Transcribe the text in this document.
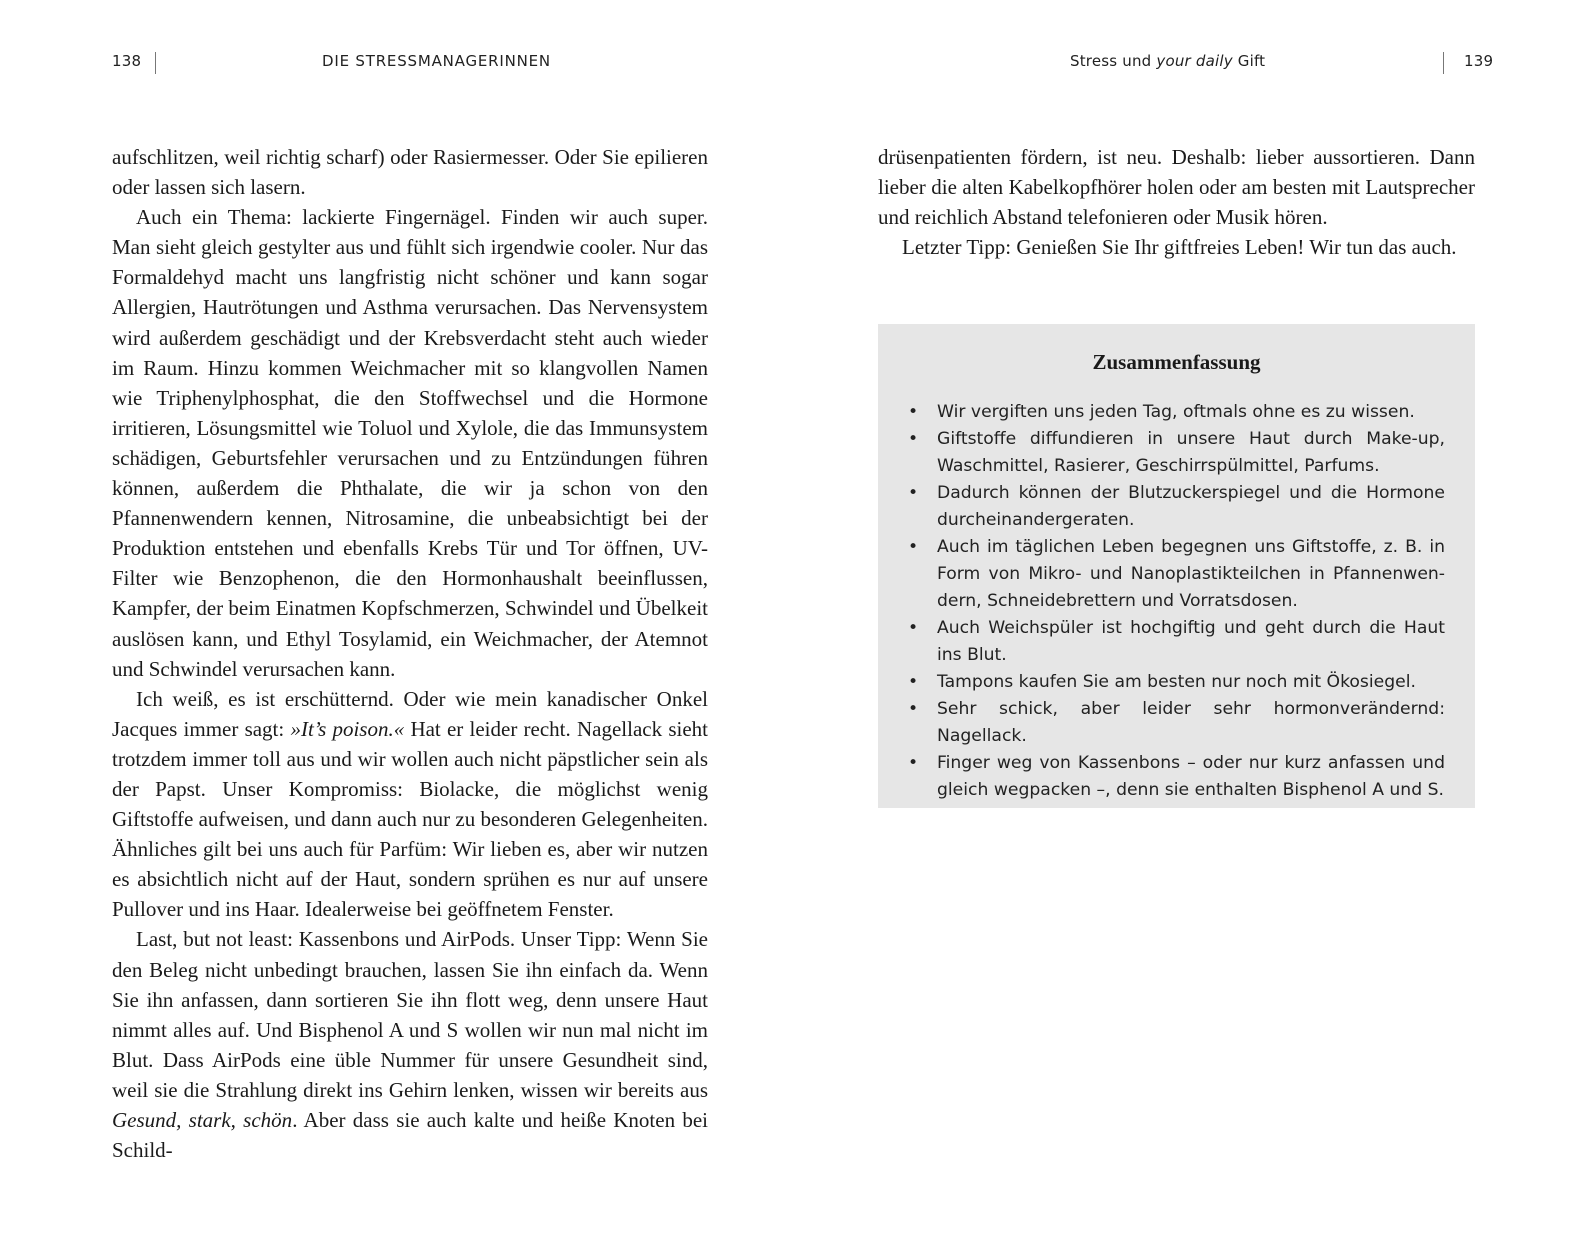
138	DIE STRESSMANAGERINNEN

aufschlitzen, weil richtig scharf) oder Rasiermesser. Oder Sie epilieren oder lassen sich lasern.

Auch ein Thema: lackierte Fingernägel. Finden wir auch super. Man sieht gleich gestylter aus und fühlt sich irgendwie cooler. Nur das Formaldehyd macht uns langfristig nicht schöner und kann sogar Allergien, Hautrötungen und Asthma verursachen. Das Nervensystem wird außerdem geschädigt und der Krebsverdacht steht auch wieder im Raum. Hinzu kommen Weichmacher mit so klangvollen Namen wie Triphenylphosphat, die den Stoffwechsel und die Hormone irritieren, Lösungsmittel wie Toluol und Xylole, die das Immunsystem schädigen, Geburtsfehler verursachen und zu Entzündungen führen können, außerdem die Phthalate, die wir ja schon von den Pfannenwendern kennen, Nitrosamine, die unbeabsichtigt bei der Produktion entstehen und ebenfalls Krebs Tür und Tor öffnen, UV-Filter wie Benzophenon, die den Hormonhaushalt beeinflussen, Kampfer, der beim Einatmen Kopfschmerzen, Schwindel und Übelkeit auslösen kann, und Ethyl Tosylamid, ein Weichmacher, der Atemnot und Schwindel verursachen kann.

Ich weiß, es ist erschütternd. Oder wie mein kanadischer Onkel Jacques immer sagt: »It’s poison.« Hat er leider recht. Nagellack sieht trotzdem immer toll aus und wir wollen auch nicht päpstlicher sein als der Papst. Unser Kompromiss: Biolacke, die möglichst wenig Giftstoffe aufweisen, und dann auch nur zu besonderen Gelegenheiten. Ähnliches gilt bei uns auch für Parfüm: Wir lieben es, aber wir nutzen es absichtlich nicht auf der Haut, sondern sprühen es nur auf unsere Pullover und ins Haar. Idealerweise bei geöffnetem Fenster.

Last, but not least: Kassenbons und AirPods. Unser Tipp: Wenn Sie den Beleg nicht unbedingt brauchen, lassen Sie ihn einfach da. Wenn Sie ihn anfassen, dann sortieren Sie ihn flott weg, denn unsere Haut nimmt alles auf. Und Bisphenol A und S wollen wir nun mal nicht im Blut. Dass AirPods eine üble Nummer für unsere Gesundheit sind, weil sie die Strahlung direkt ins Gehirn lenken, wissen wir bereits aus Gesund, stark, schön. Aber dass sie auch kalte und heiße Knoten bei Schild-

Stress und your daily Gift	139

drüsenpatienten fördern, ist neu. Deshalb: lieber aussortieren. Dann lieber die alten Kabelkopfhörer holen oder am besten mit Lautsprecher und reichlich Abstand telefonieren oder Musik hören.

Letzter Tipp: Genießen Sie Ihr giftfreies Leben! Wir tun das auch.

Zusammenfassung
• Wir vergiften uns jeden Tag, oftmals ohne es zu wissen.
• Giftstoffe diffundieren in unsere Haut durch Make-up, Waschmittel, Rasierer, Geschirrspülmittel, Parfums.
• Dadurch können der Blutzuckerspiegel und die Hormone durcheinandergeraten.
• Auch im täglichen Leben begegnen uns Giftstoffe, z. B. in Form von Mikro- und Nanoplastikteilchen in Pfannenwendern, Schneidebrettern und Vorratsdosen.
• Auch Weichspüler ist hochgiftig und geht durch die Haut ins Blut.
• Tampons kaufen Sie am besten nur noch mit Ökosiegel.
• Sehr schick, aber leider sehr hormonverändernd: Nagellack.
• Finger weg von Kassenbons – oder nur kurz anfassen und gleich wegpacken –, denn sie enthalten Bisphenol A und S.
